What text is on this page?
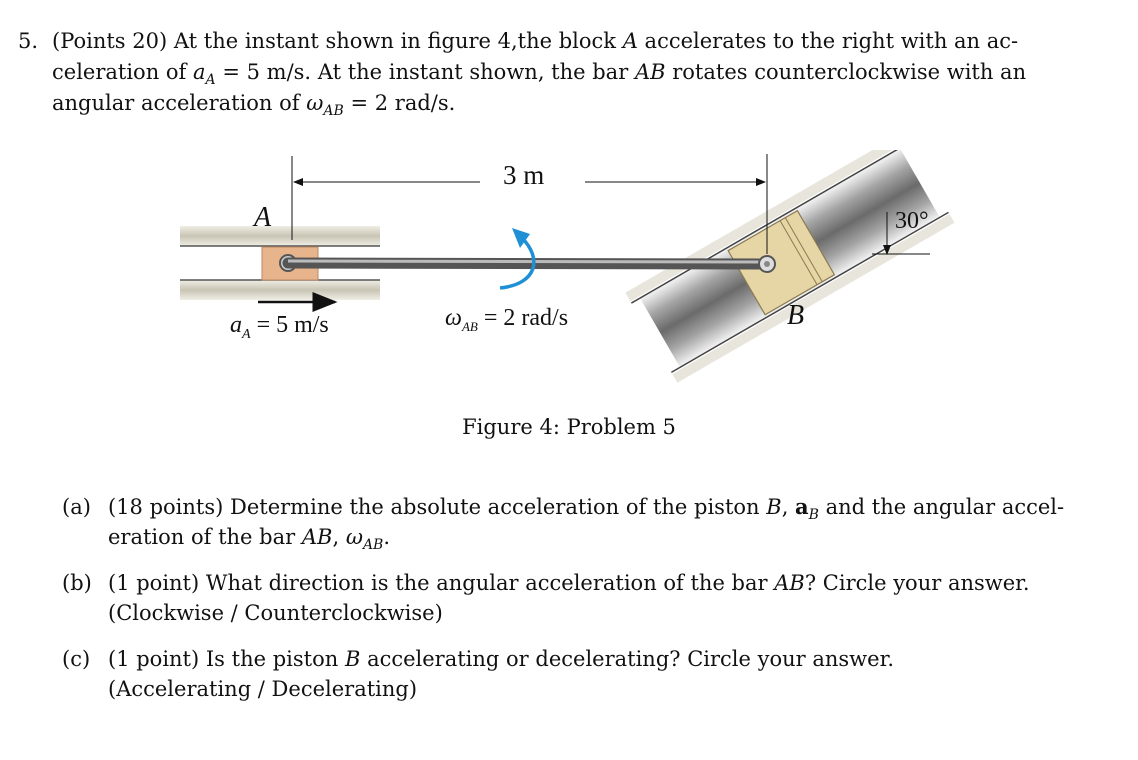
5. (Points 20) At the instant shown in figure 4,the block A accelerates to the right with an ac-
celeration of $a_A = 5$ m/s. At the instant shown, the bar AB rotates counterclockwise with an
angular acceleration of $\omega_{AB} = 2$ rad/s.
3 m
A
B
30°
$a_A = 5$ m/s	$\omega_{AB} = 2$ rad/s
Figure 4: Problem 5
(a) (18 points) Determine the absolute acceleration of the piston B, $a_B$ and the angular accel-
eration of the bar AB, $\omega_{AB}$.
(b) (1 point) What direction is the angular acceleration of the bar AB? Circle your answer.
(Clockwise / Counterclockwise)
(c) (1 point) Is the piston B accelerating or decelerating? Circle your answer.
(Accelerating / Decelerating)
